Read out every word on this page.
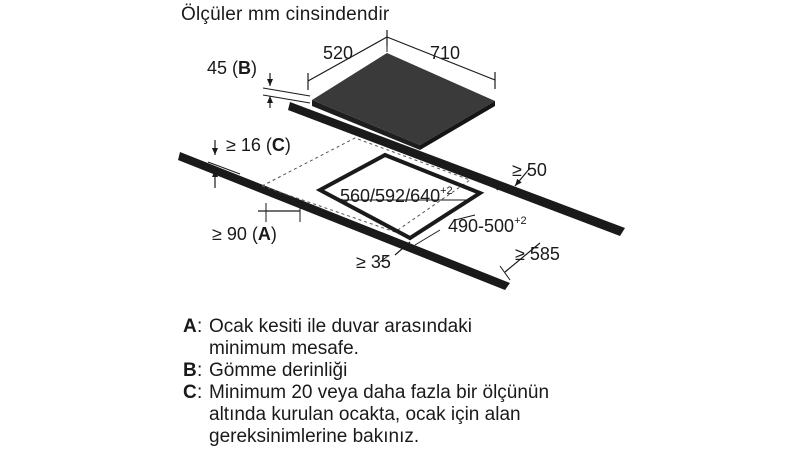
Ölçüler mm cinsindendir
520	710
45 (B)
≥ 16 (C)
≥ 50
$560/592/640^{+2}$
$490-500^{+2}$
≥ 90 (A)
≥ 35	≥ 585
A : Ocak kesiti ile duvar arasındaki
minimum mesafe.
B : Gömme derinliği
C : Minimum 20 veya daha fazla bir ölçünün
altında kurulan ocakta, ocak için alan
gereksinimlerine bakınız.
